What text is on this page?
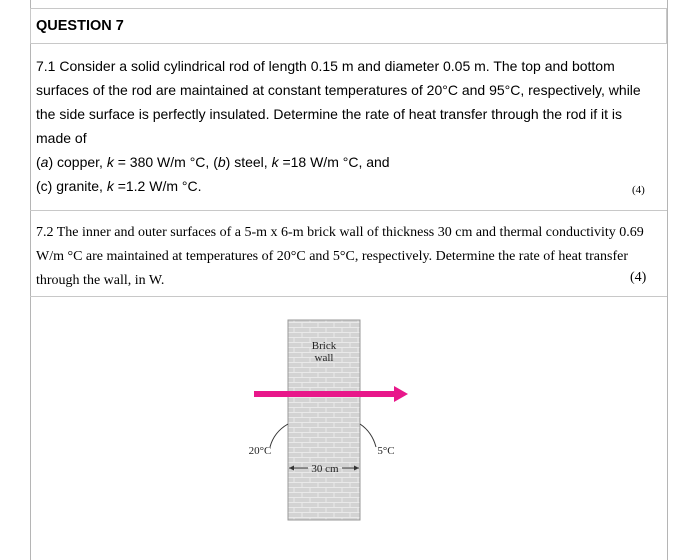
QUESTION 7

7.1 Consider a solid cylindrical rod of length 0.15 m and diameter 0.05 m. The top and bottom

surfaces of the rod are maintained at constant temperatures of 20°C and 95°C, respectively, while

the side surface is perfectly insulated. Determine the rate of heat transfer through the rod if it is

made of

(a) copper, k = 380 W/m °C, (b) steel, k =18 W/m °C, and

(c) granite, k =1.2 W/m °C.	(4)

7.2 The inner and outer surfaces of a 5-m x 6-m brick wall of thickness 30 cm and thermal conductivity 0.69

W/m °C are maintained at temperatures of 20°C and 5°C, respectively. Determine the rate of heat transfer

through the wall, in W.	(4)
Brick
wall
20°C	5°C
30 cm
